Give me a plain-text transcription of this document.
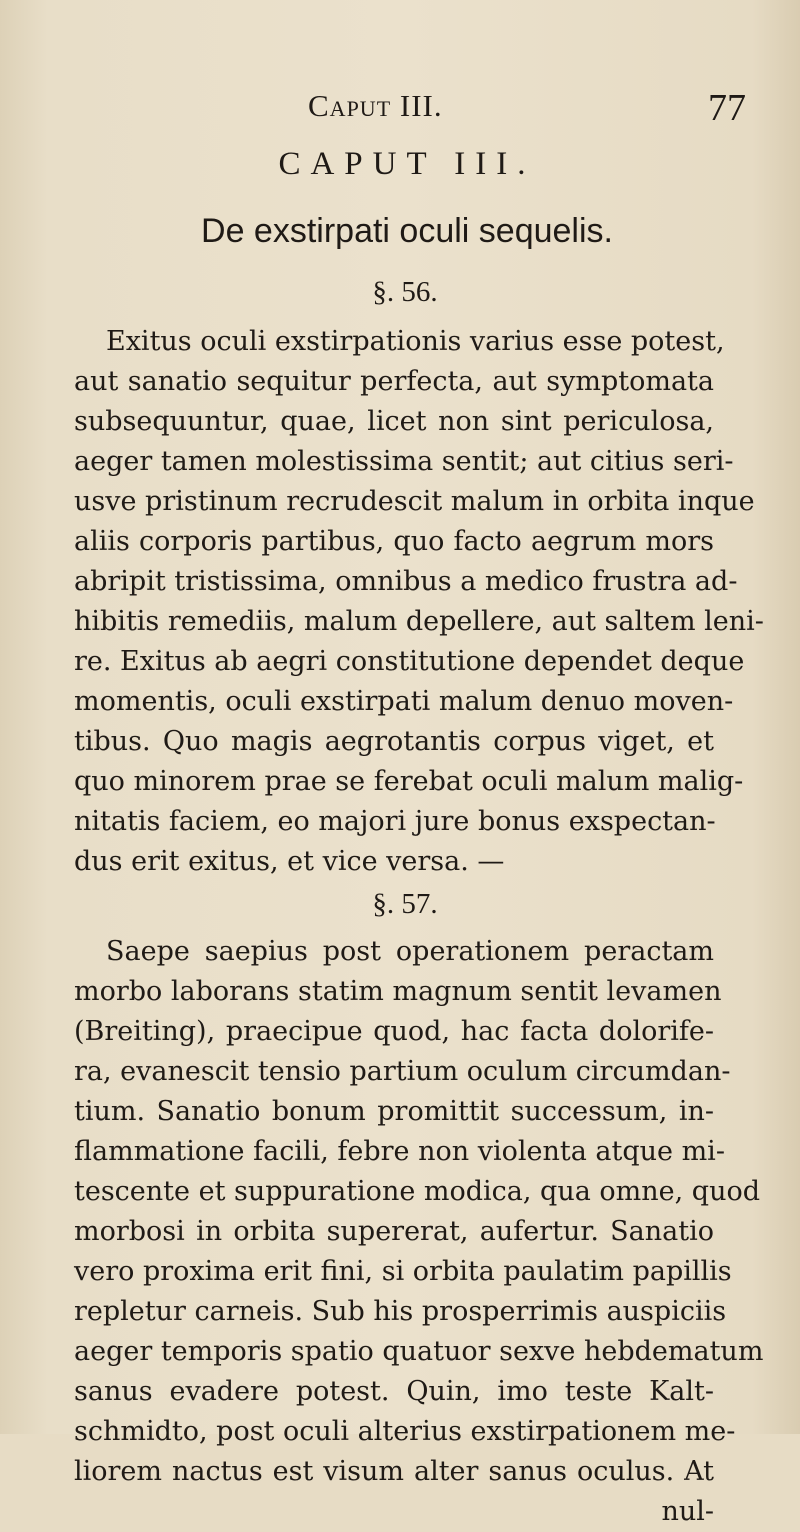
Caput III.	77
CAPUT III.
De exstirpati oculi sequelis.
§. 56.
Exitus oculi exstirpationis varius esse potest,
aut sanatio sequitur perfecta, aut symptomata
subsequuntur, quae, licet non sint periculosa,
aeger tamen molestissima sentit; aut citius seri-
usve pristinum recrudescit malum in orbita inque
aliis corporis partibus, quo facto aegrum mors
abripit tristissima, omnibus a medico frustra ad-
hibitis remediis, malum depellere, aut saltem leni-
re. Exitus ab aegri constitutione dependet deque
momentis, oculi exstirpati malum denuo moven-
tibus. Quo magis aegrotantis corpus viget, et
quo minorem prae se ferebat oculi malum malig-
nitatis faciem, eo majori jure bonus exspectan-
dus erit exitus, et vice versa. —
§. 57.
Saepe saepius post operationem peractam
morbo laborans statim magnum sentit levamen
(Breiting), praecipue quod, hac facta dolorife-
ra, evanescit tensio partium oculum circumdan-
tium. Sanatio bonum promittit successum, in-
flammatione facili, febre non violenta atque mi-
tescente et suppuratione modica, qua omne, quod
morbosi in orbita supererat, aufertur. Sanatio
vero proxima erit fini, si orbita paulatim papillis
repletur carneis. Sub his prosperrimis auspiciis
aeger temporis spatio quatuor sexve hebdematum
sanus evadere potest. Quin, imo teste Kalt-
schmidto, post oculi alterius exstirpationem me-
liorem nactus est visum alter sanus oculus. At
nul-
